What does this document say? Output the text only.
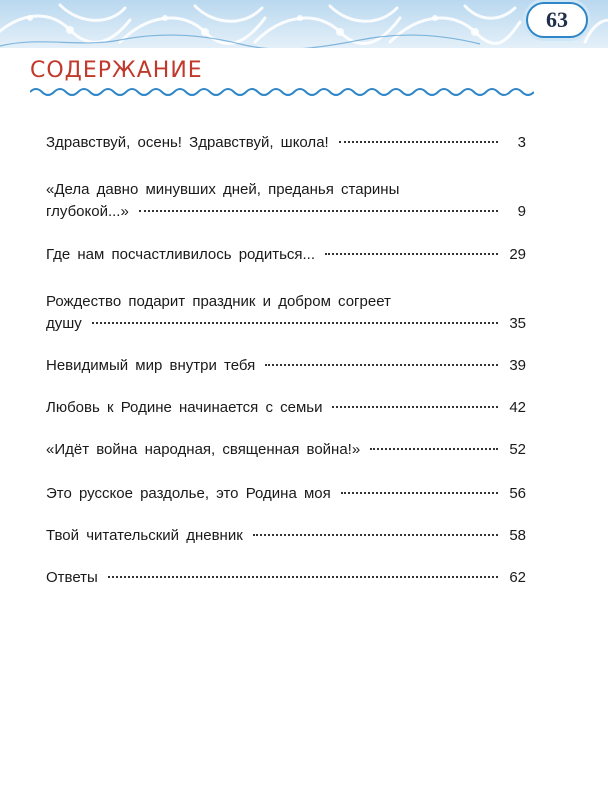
63
СОДЕРЖАНИЕ
Здравствуй, осень! Здравствуй, школа!	3
«Дела давно минувших дней, преданья старины
глубокой...»	9
Где нам посчастливилось родиться...	29
Рождество подарит праздник и добром согреет
душу	35
Невидимый мир внутри тебя	39
Любовь к Родине начинается с семьи	42
«Идёт война народная, священная война!»	52
Это русское раздолье, это Родина моя	56
Твой читательский дневник	58
Ответы	62
